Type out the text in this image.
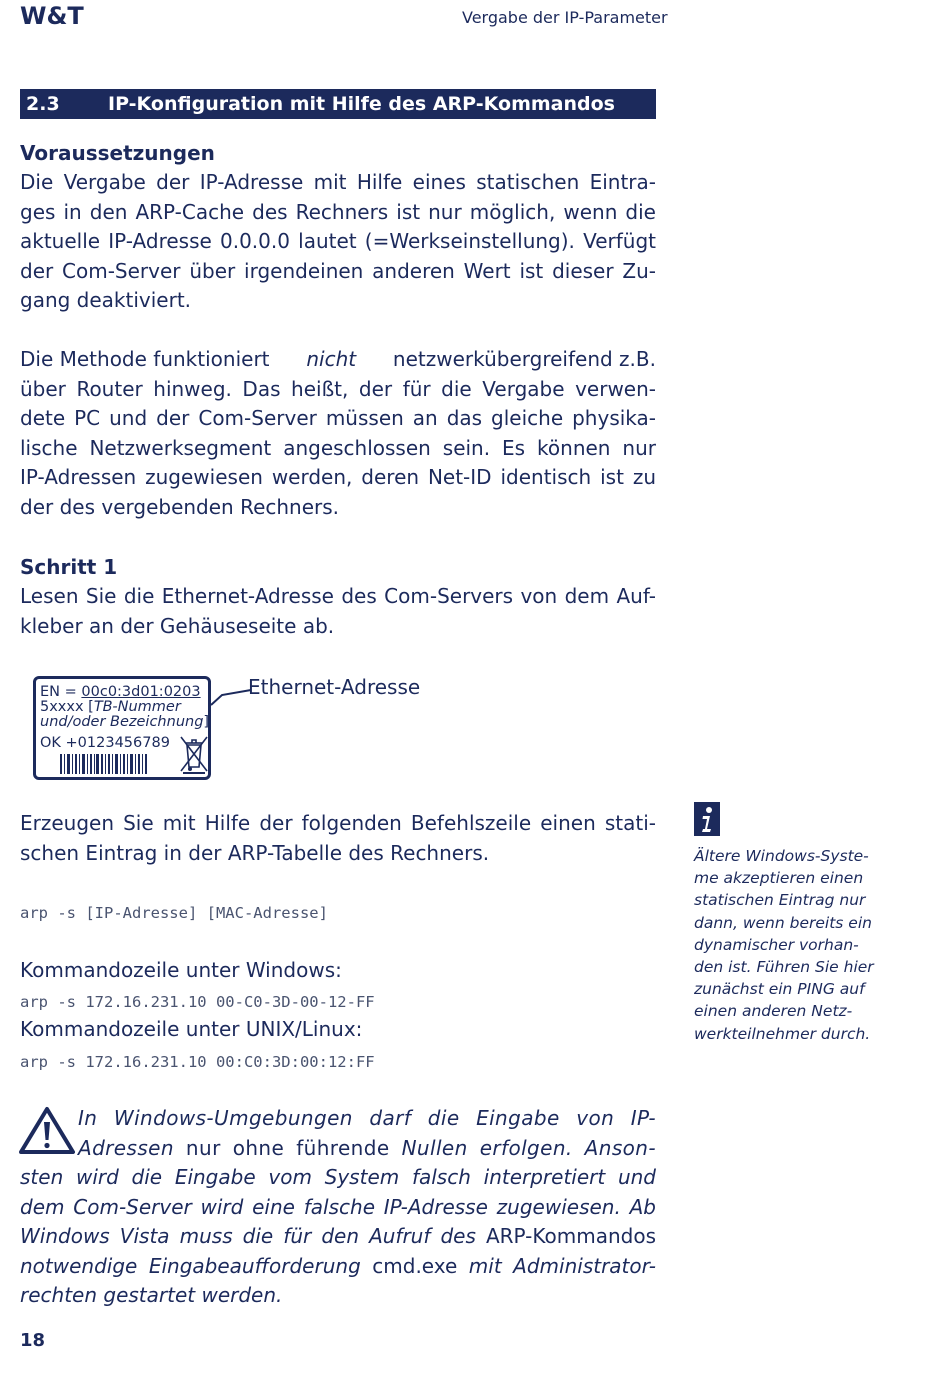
W&T	Vergabe der IP-Parameter
2.3	IP-Konfiguration mit Hilfe des ARP-Kommandos
Voraussetzungen
Die Vergabe der IP-Adresse mit Hilfe eines statischen Eintra-
ges in den ARP-Cache des Rechners ist nur möglich, wenn die
aktuelle IP-Adresse 0.0.0.0 lautet (=Werkseinstellung). Verfügt
der Com-Server über irgendeinen anderen Wert ist dieser Zu-
gang deaktiviert.
Die Methode funktioniert nicht netzwerkübergreifend z.B.
über Router hinweg. Das heißt, der für die Vergabe verwen-
dete PC und der Com-Server müssen an das gleiche physika-
lische Netzwerksegment angeschlossen sein. Es können nur
IP-Adressen zugewiesen werden, deren Net-ID identisch ist zu
der des vergebenden Rechners.
Schritt 1
Lesen Sie die Ethernet-Adresse des Com-Servers von dem Auf-
kleber an der Gehäuseseite ab.
EN = 00c0:3d01:0203
5xxxx [TB-Nummer
und/oder Bezeichnung]
OK +0123456789
Ethernet-Adresse
Erzeugen Sie mit Hilfe der folgenden Befehlszeile einen stati-
schen Eintrag in der ARP-Tabelle des Rechners.
arp -s [IP-Adresse] [MAC-Adresse]
Kommandozeile unter Windows:
arp -s 172.16.231.10 00-C0-3D-00-12-FF
Kommandozeile unter UNIX/Linux:
arp -s 172.16.231.10 00:C0:3D:00:12:FF
Ältere Windows-Syste-
me akzeptieren einen
statischen Eintrag nur
dann, wenn bereits ein
dynamischer vorhan-
den ist. Führen Sie hier
zunächst ein PING auf
einen anderen Netz-
werkteilnehmer durch.
In Windows-Umgebungen darf die Eingabe von IP-
Adressen nur ohne führende Nullen erfolgen. Anson-
sten wird die Eingabe vom System falsch interpretiert und
dem Com-Server wird eine falsche IP-Adresse zugewiesen. Ab
Windows Vista muss die für den Aufruf des ARP-Kommandos
notwendige Eingabeaufforderung cmd.exe mit Administrator-
rechten gestartet werden.
18
